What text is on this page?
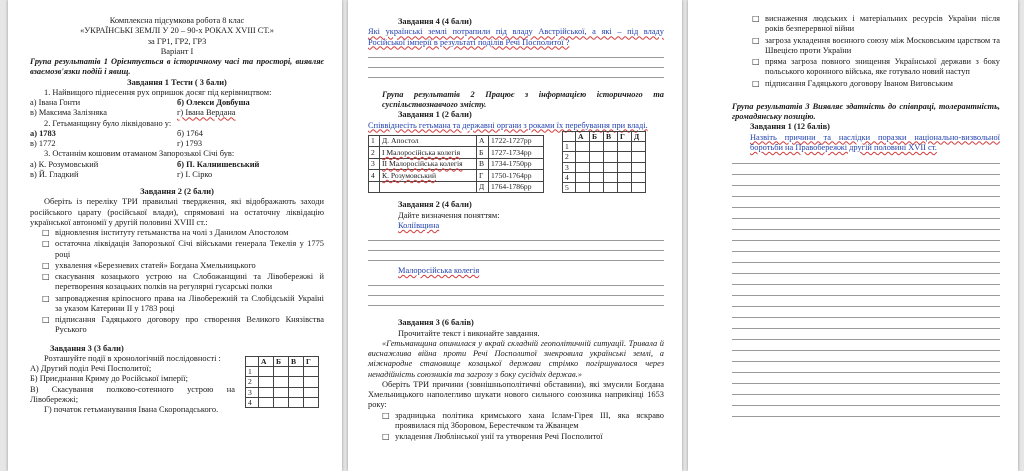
Комплексна підсумкова робота 8 клас
«УКРАЇНСЬКІ ЗЕМЛІ У 20 – 90-х РОКАХ XVIII СТ.»
за ГР1, ГР2, ГР3
Варіант І
Група результатів 1 Орієнтується в історичному часі та просторі, виявляє взаємозв'язки подій і явищ.
Завдання 1 Тести ( 3 бали)
1. Найвищого піднесення рух опришок досяг під керівництвом:
а) Івана Гонти	б) Олекси Довбуша
в) Максима Залізняка	г) Івана Вердана
2. Гетьманщину було ліквідовано у:
а) 1783	б) 1764
в) 1772	г) 1793
3. Останнім кошовим отаманом Запорозької Січі був:
а) К. Розумовський	б) П. Калнишевський
в) Й. Гладкий	г) І. Сірко
Завдання 2 (2 бали)
Оберіть із переліку ТРИ правильні твердження, які відображають заходи російського царату (російської влади), спрямовані на остаточну ліквідацію української автономії у другій половині XVIII ст.:
□ відновлення інституту гетьманства на чолі з Данилом Апостолом
□ остаточна ліквідація Запорозької Січі військами генерала Текелія у 1775 році
□ ухвалення «Березневих статей» Богдана Хмельницького
□ скасування козацького устрою на Слобожанщині та Лівобережжі й перетворення козацьких полків на регулярні гусарські полки
□ запровадження кріпосного права на Лівобережній та Слобідській Україні за указом Катерини ІІ у 1783 році
□ підписання Гадяцького договору про створення Великого Князівства Руського
Завдання 3 (3 бали)
Розташуйте події в хронологічній послідовності :
А) Другий поділ Речі Посполитої;
Б) Приєднання Криму до Російської імперії;
В) Скасування полково-сотенного устрою на Лівобережжі;
Г) початок гетьманування Івана Скоропадського.
	А	Б	В	Г
1				
2				
3				
4				
Завдання 4 (4 бали)
Які українські землі потрапили під владу Австрійської, а які – під владу Російської імперії в результаті поділів Речі Посполитої ?
Група результатів 2 Працює з інформацією історичного та суспільствознавчого змісту.
Завдання 1 (2 бали)
Співвіднесіть гетьмана та державні органи з роками їх перебування при владі.
1	Д. Апостол	А	1722-1727рр
2	І Малоросійська колегія	Б	1727-1734рр
3	ІІ Малоросійська колегія	В	1734-1750рр
4	К. Розумовський	Г	1750-1764рр
		Д	1764-1786рр
	А	Б	В	Г	Д
1					
2					
3					
4					
5					
Завдання 2 (4 бали)
Дайте визначення поняттям:
Коліївщина
Малоросійська колегія
Завдання 3 (6 балів)
Прочитайте текст і виконайте завдання.
«Гетьманщина опинилася у вкрай складній геополітичній ситуації. Тривала й виснажлива війна проти Речі Посполитої знекровила українські землі, а міжнародне становище козацької держави стрімко погіршувалося через ненадійність союзників та загрозу з боку сусідніх держав.»
Оберіть ТРИ причини (зовнішньополітичні обставини), які змусили Богдана Хмельницького наполегливо шукати нового сильного союзника наприкінці 1653 року:
□ зрадницька політика кримського хана Іслам-Гірея ІІІ, яка яскраво проявилася під Зборовом, Берестечком та Жванцем
□ укладення Люблінської унії та утворення Речі Посполитої
□ виснаження людських і матеріальних ресурсів України після років безперервної війни
□ загроза укладення воєнного союзу між Московським царством та Швецією проти України
□ пряма загроза повного знищення Української держави з боку польського коронного війська, яке готувало новий наступ
□ підписання Гадяцького договору Іваном Виговським
Група результатів 3 Виявляє здатність до співпраці, толерантність, громадянську позицію.
Завдання 1 (12 балів)
Назвіть причини та наслідки поразки національно-визвольної боротьби на Правобережжі другій половині XVII ст.
